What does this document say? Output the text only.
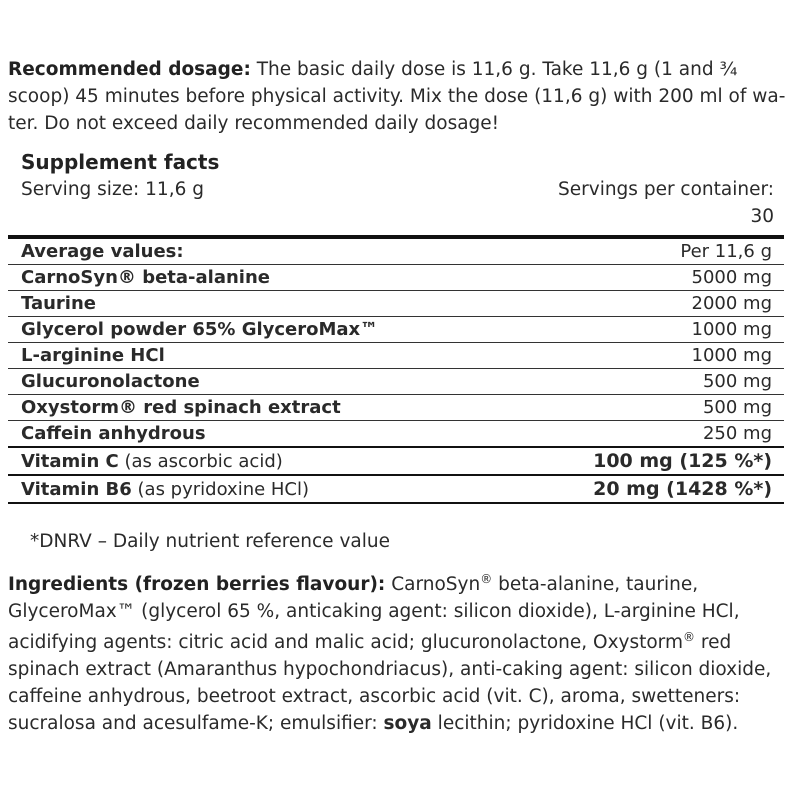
Recommended dosage: The basic daily dose is 11,6 g. Take 11,6 g (1 and ¾
scoop) 45 minutes before physical activity. Mix the dose (11,6 g) with 200 ml of wa-
ter. Do not exceed daily recommended daily dosage!
Supplement facts
Serving size: 11,6 g	Servings per container:
30
Average values:	Per 11,6 g
CarnoSyn® beta-alanine	5000 mg
Taurine	2000 mg
Glycerol powder 65% GlyceroMax™	1000 mg
L-arginine HCl	1000 mg
Glucuronolactone	500 mg
Oxystorm® red spinach extract	500 mg
Caffein anhydrous	250 mg
Vitamin C (as ascorbic acid)	100 mg (125 %*)
Vitamin B6 (as pyridoxine HCl)	20 mg (1428 %*)
*DNRV – Daily nutrient reference value
Ingredients (frozen berries flavour): CarnoSyn® beta-alanine, taurine,
GlyceroMax™ (glycerol 65 %, anticaking agent: silicon dioxide), L-arginine HCl,

acidifying agents: citric acid and malic acid; glucuronolactone, Oxystorm® red
spinach extract (Amaranthus hypochondriacus), anti-caking agent: silicon dioxide,
caffeine anhydrous, beetroot extract, ascorbic acid (vit. C), aroma, swetteners:
sucralosa and acesulfame-K; emulsifier: soya lecithin; pyridoxine HCl (vit. B6).
